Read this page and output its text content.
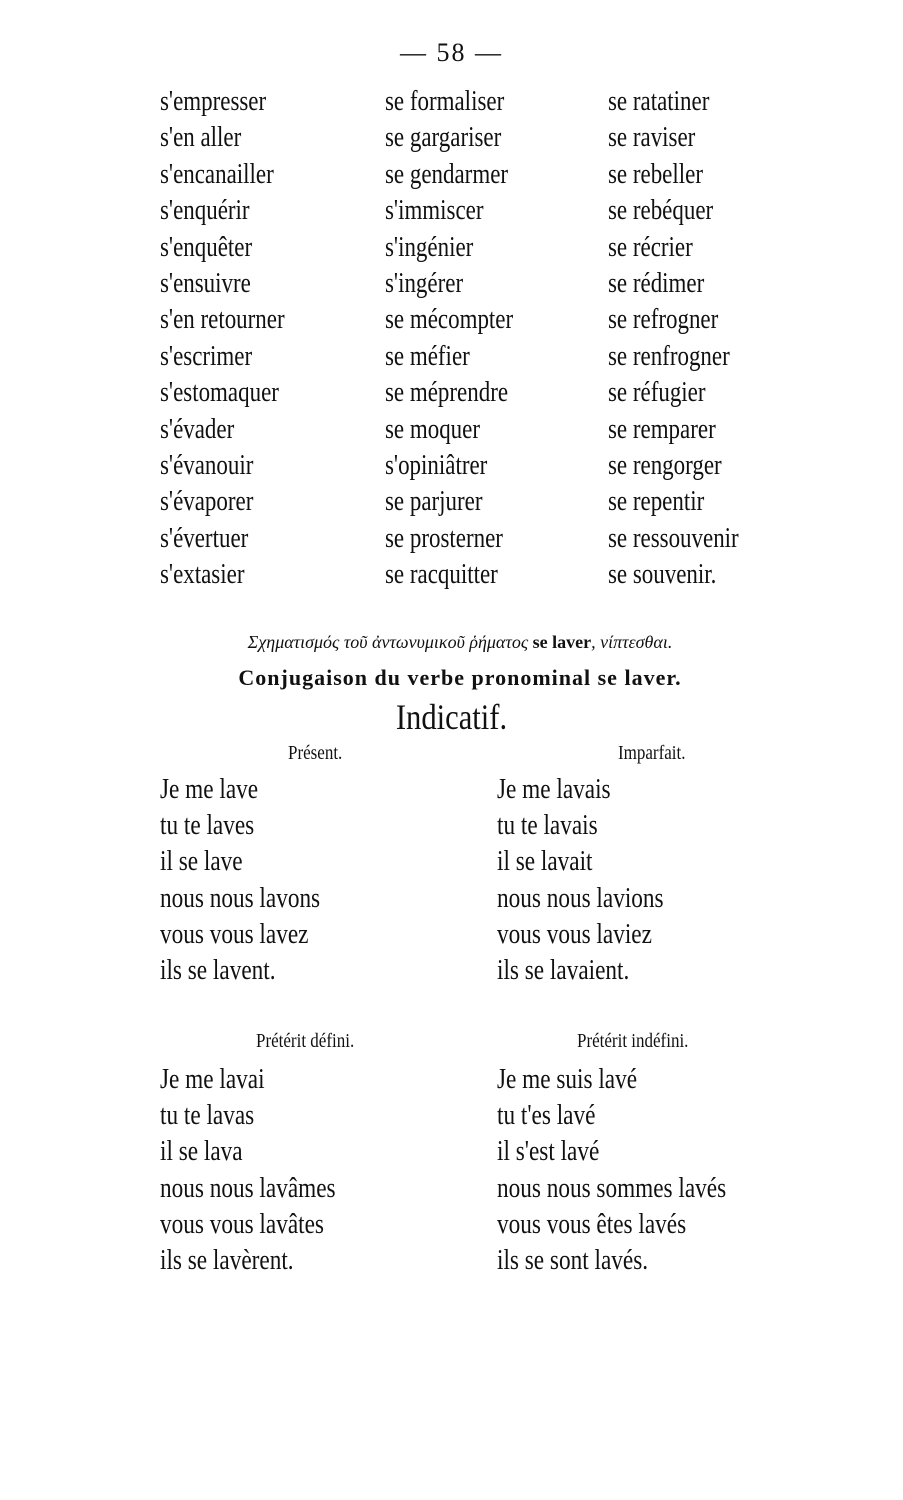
— 58 —
s'empresser
s'en aller
s'encanailler
s'enquérir
s'enquêter
s'ensuivre
s'en retourner
s'escrimer
s'estomaquer
s'évader
s'évanouir
s'évaporer
s'évertuer
s'extasier
se formaliser
se gargariser
se gendarmer
s'immiscer
s'ingénier
s'ingérer
se mécompter
se méfier
se méprendre
se moquer
s'opiniâtrer
se parjurer
se prosterner
se racquitter
se ratatiner
se raviser
se rebeller
se rebéquer
se récrier
se rédimer
se refrogner
se renfrogner
se réfugier
se remparer
se rengorger
se repentir
se ressouvenir
se souvenir.
Σχηματισμός τοῦ ἀντωνυμικοῦ ῥήματος se laver, νίπτεσθαι.
Conjugaison du verbe pronominal se laver.
Indicatif.
Présent.	Imparfait.
Je me lave
tu te laves
il se lave
nous nous lavons
vous vous lavez
ils se lavent.
Je me lavais
tu te lavais
il se lavait
nous nous lavions
vous vous laviez
ils se lavaient.
Prétérit défini.	Prétérit indéfini.
Je me lavai
tu te lavas
il se lava
nous nous lavâmes
vous vous lavâtes
ils se lavèrent.
Je me suis lavé
tu t'es lavé
il s'est lavé
nous nous sommes lavés
vous vous êtes lavés
ils se sont lavés.
